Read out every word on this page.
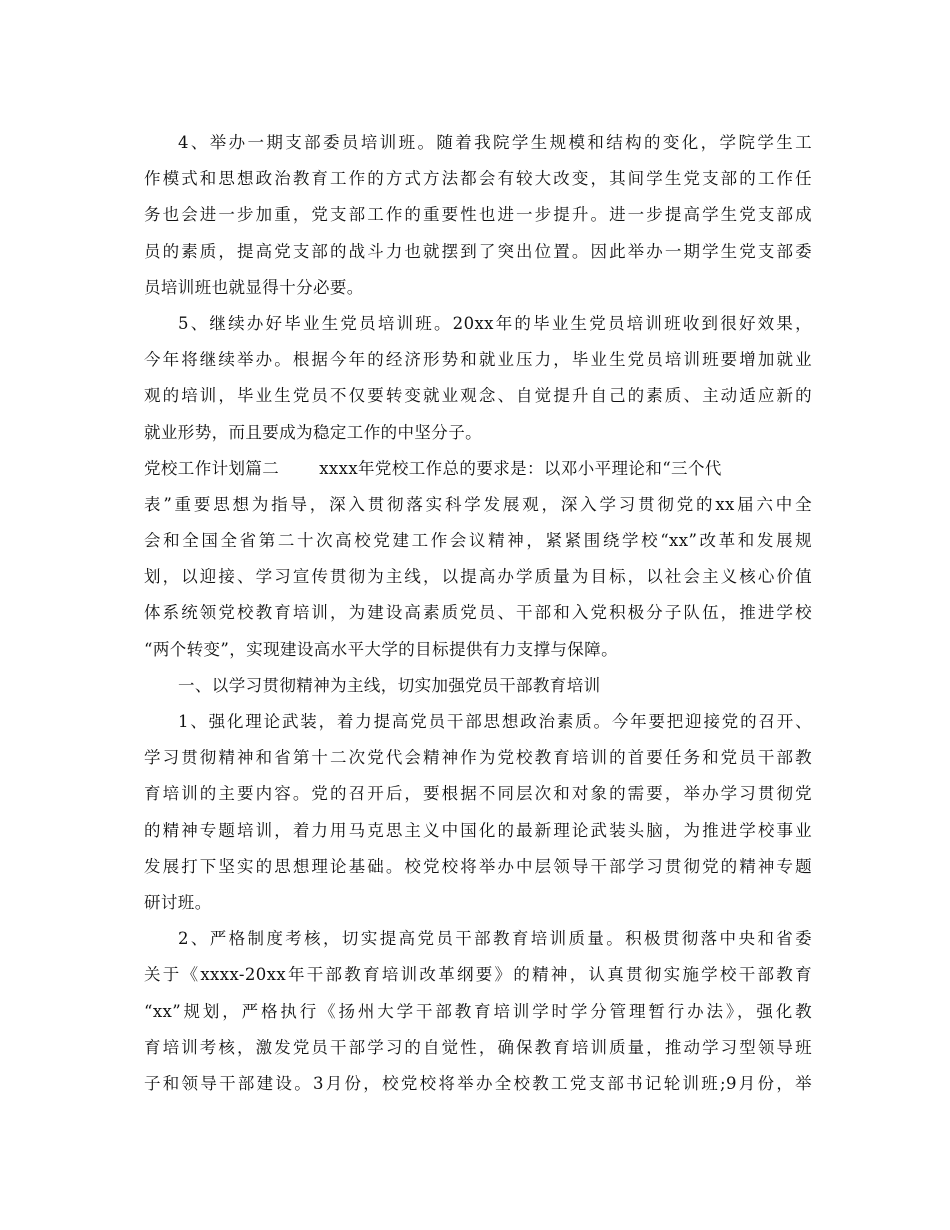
4、举办一期支部委员培训班。随着我院学生规模和结构的变化，学院学生工
作模式和思想政治教育工作的方式方法都会有较大改变，其间学生党支部的工作任
务也会进一步加重，党支部工作的重要性也进一步提升。进一步提高学生党支部成
员的素质，提高党支部的战斗力也就摆到了突出位置。因此举办一期学生党支部委
员培训班也就显得十分必要。
5、继续办好毕业生党员培训班。20xx年的毕业生党员培训班收到很好效果，
今年将继续举办。根据今年的经济形势和就业压力，毕业生党员培训班要增加就业
观的培训，毕业生党员不仅要转变就业观念、自觉提升自己的素质、主动适应新的
就业形势，而且要成为稳定工作的中坚分子。
党校工作计划篇二 xxxx年党校工作总的要求是：以邓小平理论和“三个代
表”重要思想为指导，深入贯彻落实科学发展观，深入学习贯彻党的xx届六中全
会和全国全省第二十次高校党建工作会议精神，紧紧围绕学校“xx”改革和发展规
划，以迎接、学习宣传贯彻为主线，以提高办学质量为目标，以社会主义核心价值
体系统领党校教育培训，为建设高素质党员、干部和入党积极分子队伍，推进学校
“两个转变”，实现建设高水平大学的目标提供有力支撑与保障。
一、以学习贯彻精神为主线，切实加强党员干部教育培训
1、强化理论武装，着力提高党员干部思想政治素质。今年要把迎接党的召开、
学习贯彻精神和省第十二次党代会精神作为党校教育培训的首要任务和党员干部教
育培训的主要内容。党的召开后，要根据不同层次和对象的需要，举办学习贯彻党
的精神专题培训，着力用马克思主义中国化的最新理论武装头脑，为推进学校事业
发展打下坚实的思想理论基础。校党校将举办中层领导干部学习贯彻党的精神专题
研讨班。
2、严格制度考核，切实提高党员干部教育培训质量。积极贯彻落中央和省委
关于《xxxx-20xx年干部教育培训改革纲要》的精神，认真贯彻实施学校干部教育
“xx”规划，严格执行《扬州大学干部教育培训学时学分管理暂行办法》，强化教
育培训考核，激发党员干部学习的自觉性，确保教育培训质量，推动学习型领导班
子和领导干部建设。3月份，校党校将举办全校教工党支部书记轮训班;9月份，举
